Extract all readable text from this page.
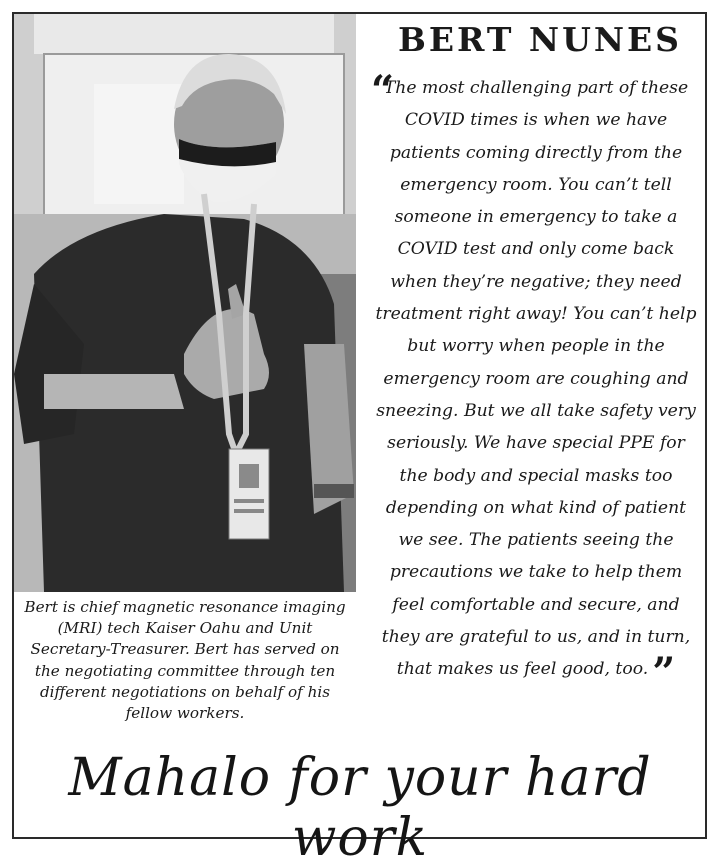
Bert is chief magnetic resonance imaging (MRI) tech Kaiser Oahu and Unit Secretary-Treasurer. Bert has served on the negotiating committee through ten different negotiations on behalf of his fellow workers.
BERT NUNES
“
The most challenging part of these COVID times is when we have patients coming directly from the emergency room. You can’t tell someone in emergency to take a COVID test and only come back when they’re negative; they need treatment right away! You can’t help but worry when people in the emergency room are coughing and sneezing. But we all take safety very seriously. We have special PPE for the body and special masks too depending on what kind of patient we see. The patients seeing the precautions we take to help them feel comfortable and secure, and they are grateful to us, and in turn, that makes us feel good, too. ”
Mahalo for your hard work
